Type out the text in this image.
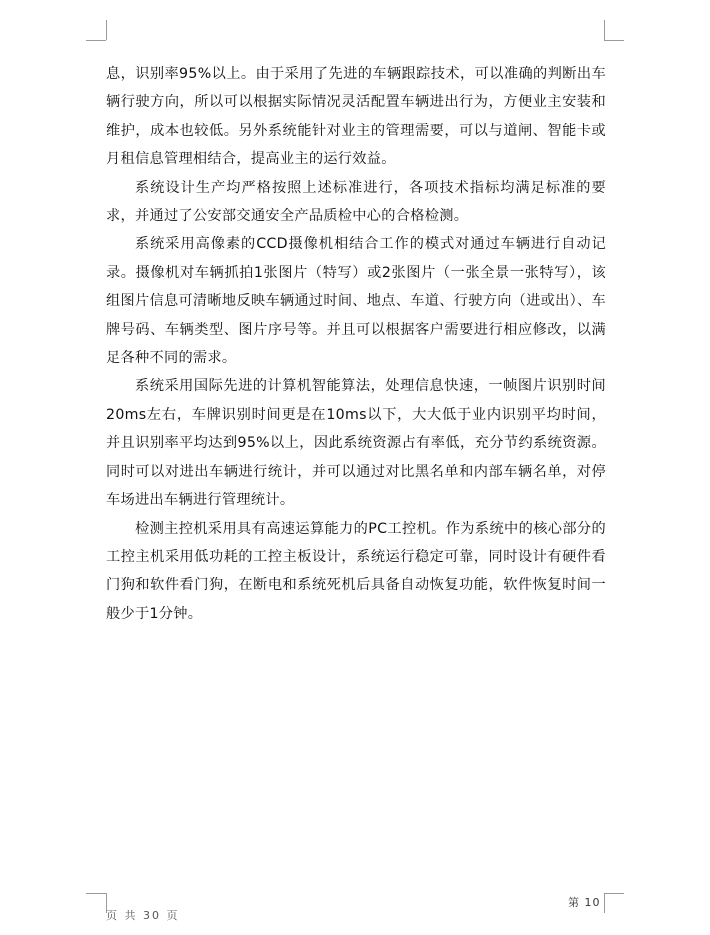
息，识别率95%以上。由于采用了先进的车辆跟踪技术，可以准确的判断出车辆行驶方向，所以可以根据实际情况灵活配置车辆进出行为，方便业主安装和维护，成本也较低。另外系统能针对业主的管理需要，可以与道闸、智能卡或月租信息管理相结合，提高业主的运行效益。

系统设计生产均严格按照上述标准进行，各项技术指标均满足标准的要求，并通过了公安部交通安全产品质检中心的合格检测。

系统采用高像素的CCD摄像机相结合工作的模式对通过车辆进行自动记录。摄像机对车辆抓拍1张图片（特写）或2张图片（一张全景一张特写），该组图片信息可清晰地反映车辆通过时间、地点、车道、行驶方向（进或出）、车牌号码、车辆类型、图片序号等。并且可以根据客户需要进行相应修改，以满足各种不同的需求。

系统采用国际先进的计算机智能算法，处理信息快速，一帧图片识别时间20ms左右，车牌识别时间更是在10ms以下，大大低于业内识别平均时间，并且识别率平均达到95%以上，因此系统资源占有率低，充分节约系统资源。同时可以对进出车辆进行统计，并可以通过对比黑名单和内部车辆名单，对停车场进出车辆进行管理统计。

检测主控机采用具有高速运算能力的PC工控机。作为系统中的核心部分的工控主机采用低功耗的工控主板设计，系统运行稳定可靠，同时设计有硬件看门狗和软件看门狗，在断电和系统死机后具备自动恢复功能，软件恢复时间一般少于1分钟。

第 10
页 共 30 页
